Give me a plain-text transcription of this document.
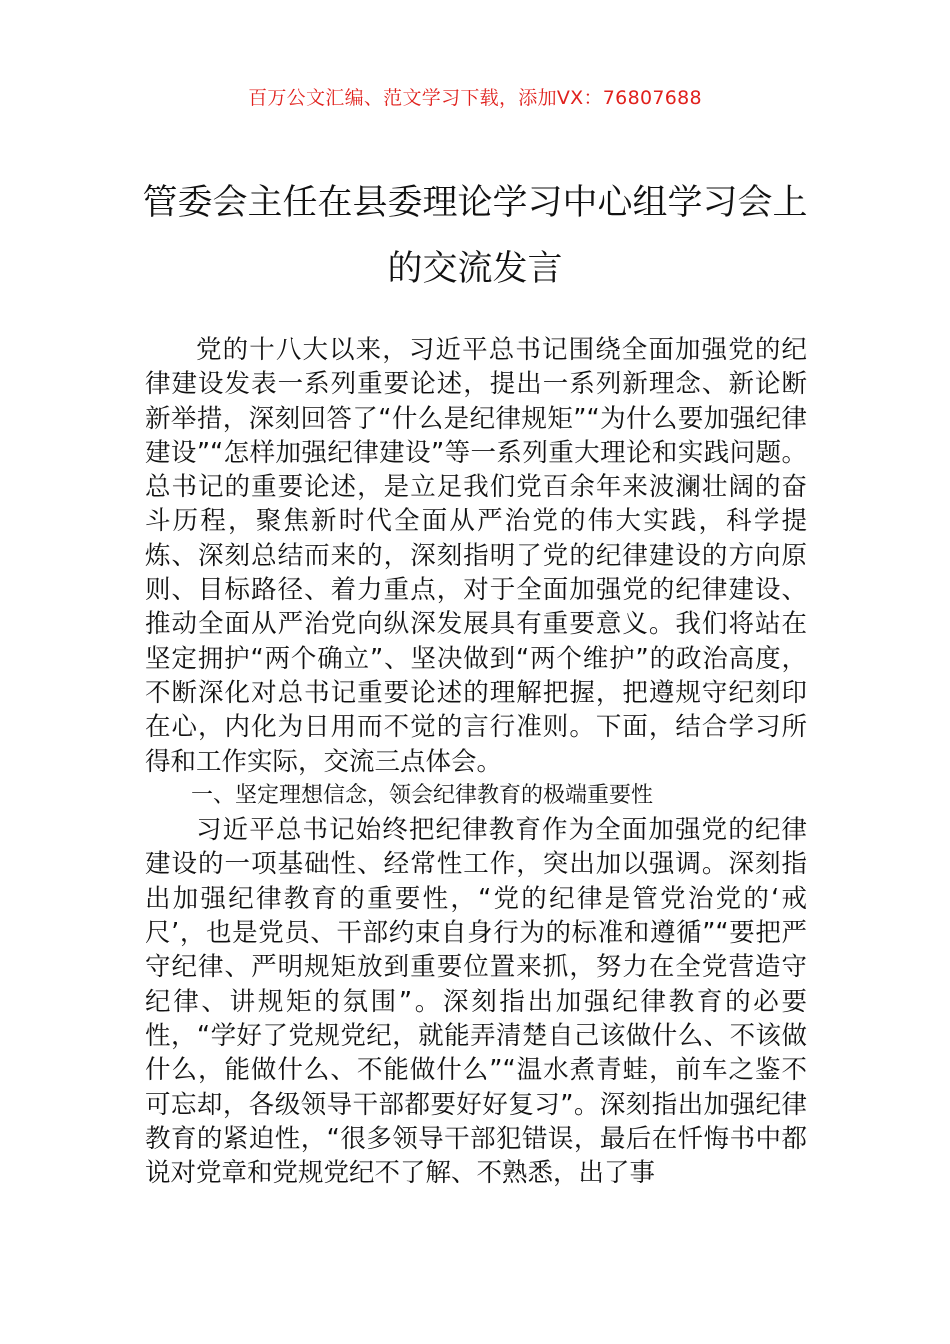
百万公文汇编、范文学习下载，添加VX：76807688
管委会主任在县委理论学习中心组学习会上的交流发言

党的十八大以来，习近平总书记围绕全面加强党的纪律建设发表一系列重要论述，提出一系列新理念、新论断新举措，深刻回答了“什么是纪律规矩”“为什么要加强纪律建设”“怎样加强纪律建设”等一系列重大理论和实践问题。总书记的重要论述，是立足我们党百余年来波澜壮阔的奋斗历程，聚焦新时代全面从严治党的伟大实践，科学提炼、深刻总结而来的，深刻指明了党的纪律建设的方向原则、目标路径、着力重点，对于全面加强党的纪律建设、推动全面从严治党向纵深发展具有重要意义。我们将站在坚定拥护“两个确立”、坚决做到“两个维护”的政治高度，不断深化对总书记重要论述的理解把握，把遵规守纪刻印在心，内化为日用而不觉的言行准则。下面，结合学习所得和工作实际，交流三点体会。

一、坚定理想信念，领会纪律教育的极端重要性

习近平总书记始终把纪律教育作为全面加强党的纪律建设的一项基础性、经常性工作，突出加以强调。深刻指出加强纪律教育的重要性，“党的纪律是管党治党的‘戒尺’，也是党员、干部约束自身行为的标准和遵循”“要把严守纪律、严明规矩放到重要位置来抓，努力在全党营造守纪律、讲规矩的氛围”。深刻指出加强纪律教育的必要性，“学好了党规党纪，就能弄清楚自己该做什么、不该做什么，能做什么、不能做什么”“温水煮青蛙，前车之鉴不可忘却，各级领导干部都要好好复习”。深刻指出加强纪律教育的紧迫性，“很多领导干部犯错误，最后在忏悔书中都说对党章和党规党纪不了解、不熟悉，出了事
